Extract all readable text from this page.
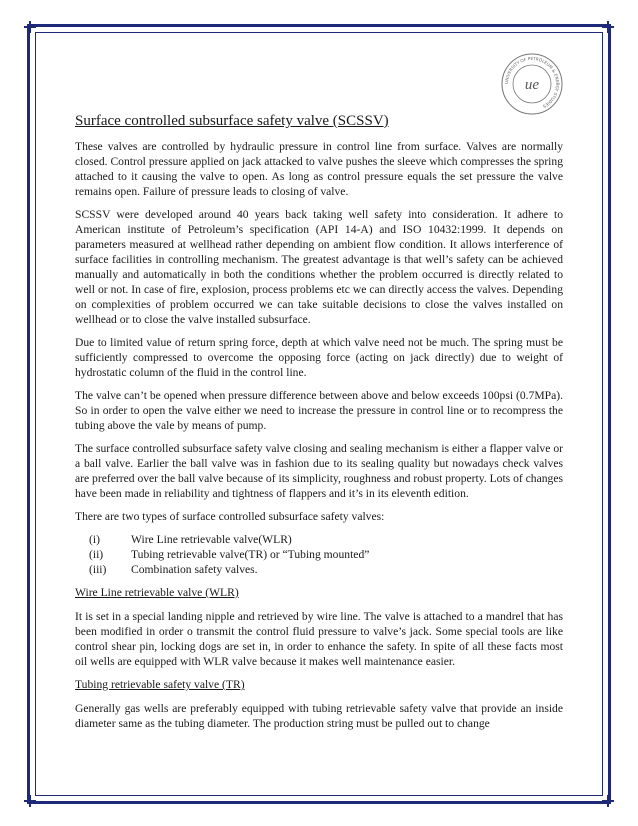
UNIVERSITY OF PETROLEUM & ENERGY STUDIES
ue
Surface controlled subsurface safety valve (SCSSV)

These valves are controlled by hydraulic pressure in control line from surface. Valves are normally closed. Control pressure applied on jack attacked to valve pushes the sleeve which compresses the spring attached to it causing the valve to open. As long as control pressure equals the set pressure the valve remains open. Failure of pressure leads to closing of valve.

SCSSV were developed around 40 years back taking well safety into consideration. It adhere to American institute of Petroleum’s specification (API 14-A) and ISO 10432:1999. It depends on parameters measured at wellhead rather depending on ambient flow condition. It allows interference of surface facilities in controlling mechanism. The greatest advantage is that well’s safety can be achieved manually and automatically in both the conditions whether the problem occurred is directly related to well or not. In case of fire, explosion, process problems etc we can directly access the valves. Depending on complexities of problem occurred we can take suitable decisions to close the valves installed on wellhead or to close the valve installed subsurface.

Due to limited value of return spring force, depth at which valve need not be much. The spring must be sufficiently compressed to overcome the opposing force (acting on jack directly) due to weight of hydrostatic column of the fluid in the control line.

The valve can’t be opened when pressure difference between above and below exceeds 100psi (0.7MPa). So in order to open the valve either we need to increase the pressure in control line or to recompress the tubing above the vale by means of pump.

The surface controlled subsurface safety valve closing and sealing mechanism is either a flapper valve or a ball valve. Earlier the ball valve was in fashion due to its sealing quality but nowadays check valves are preferred over the ball valve because of its simplicity, roughness and robust property. Lots of changes have been made in reliability and tightness of flappers and it’s in its eleventh edition.

There are two types of surface controlled subsurface safety valves:

(i)	Wire Line retrievable valve(WLR)
(ii)	Tubing retrievable valve(TR) or “Tubing mounted”
(iii)	Combination safety valves.

Wire Line retrievable valve (WLR)

It is set in a special landing nipple and retrieved by wire line. The valve is attached to a mandrel that has been modified in order o transmit the control fluid pressure to valve’s jack. Some special tools are like control shear pin, locking dogs are set in, in order to enhance the safety. In spite of all these facts most oil wells are equipped with WLR valve because it makes well maintenance easier.

Tubing retrievable safety valve (TR)

Generally gas wells are preferably equipped with tubing retrievable safety valve that provide an inside diameter same as the tubing diameter. The production string must be pulled out to change
